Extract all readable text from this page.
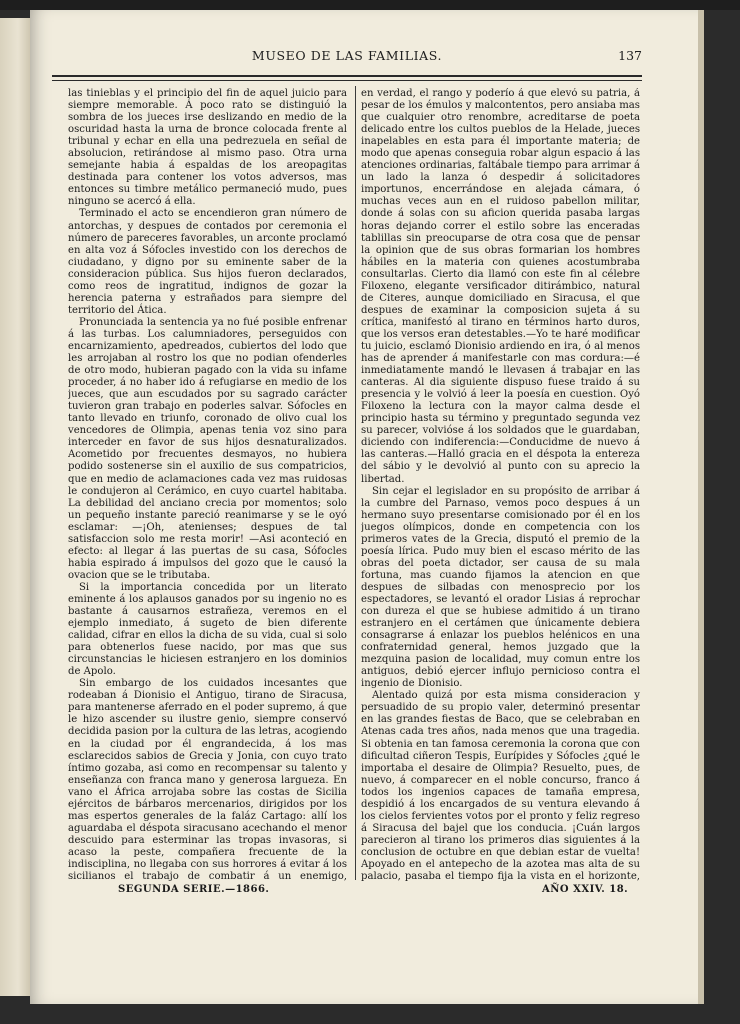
MUSEO DE LAS FAMILIAS.	137

las tinieblas y el principio del fin de aquel juicio para siempre memorable. Á poco rato se distinguió la sombra de los jueces irse deslizando en medio de la oscuridad hasta la urna de bronce colocada frente al tribunal y echar en ella una pedrezuela en señal de absolucion, retirándose al mismo paso. Otra urna semejante habia á espaldas de los areopagitas destinada para contener los votos adversos, mas entonces su timbre metálico permaneció mudo, pues ninguno se acercó á ella.

Terminado el acto se encendieron gran número de antorchas, y despues de contados por ceremonia el número de pareceres favorables, un arconte proclamó en alta voz á Sófocles investido con los derechos de ciudadano, y digno por su eminente saber de la consideracion pública. Sus hijos fueron declarados, como reos de ingratitud, indignos de gozar la herencia paterna y estrañados para siempre del territorio del Ática.

Pronunciada la sentencia ya no fué posible enfrenar á las turbas. Los calumniadores, perseguidos con encarnizamiento, apedreados, cubiertos del lodo que les arrojaban al rostro los que no podian ofenderles de otro modo, hubieran pagado con la vida su infame proceder, á no haber ido á refugiarse en medio de los jueces, que aun escudados por su sagrado carácter tuvieron gran trabajo en poderles salvar. Sófocles en tanto llevado en triunfo, coronado de olivo cual los vencedores de Olimpia, apenas tenia voz sino para interceder en favor de sus hijos desnaturalizados. Acometido por frecuentes desmayos, no hubiera podido sostenerse sin el auxilio de sus compatricios, que en medio de aclamaciones cada vez mas ruidosas le condujeron al Cerámico, en cuyo cuartel habitaba. La debilidad del anciano crecia por momentos; solo un pequeño instante pareció reanimarse y se le oyó esclamar: —¡Oh, atenienses; despues de tal satisfaccion solo me resta morir! —Asi aconteció en efecto: al llegar á las puertas de su casa, Sófocles habia espirado á impulsos del gozo que le causó la ovacion que se le tributaba.

Si la importancia concedida por un literato eminente á los aplausos ganados por su ingenio no es bastante á causarnos estrañeza, veremos en el ejemplo inmediato, á sugeto de bien diferente calidad, cifrar en ellos la dicha de su vida, cual si solo para obtenerlos fuese nacido, por mas que sus circunstancias le hiciesen estranjero en los dominios de Apolo.

Sin embargo de los cuidados incesantes que rodeaban á Dionisio el Antiguo, tirano de Siracusa, para mantenerse aferrado en el poder supremo, á que le hizo ascender su ilustre genio, siempre conservó decidida pasion por la cultura de las letras, acogiendo en la ciudad por él engrandecida, á los mas esclarecidos sabios de Grecia y Jonia, con cuyo trato íntimo gozaba, asi como en recompensar su talento y enseñanza con franca mano y generosa largueza. En vano el África arrojaba sobre las costas de Sicilia ejércitos de bárbaros mercenarios, dirigidos por los mas espertos generales de la faláz Cartago: allí los aguardaba el déspota siracusano acechando el menor descuido para esterminar las tropas invasoras, si acaso la peste, compañera frecuente de la indisciplina, no llegaba con sus horrores á evitar á los sicilianos el trabajo de combatir á un enemigo,

en verdad, el rango y poderío á que elevó su patria, á pesar de los émulos y malcontentos, pero ansiaba mas que cualquier otro renombre, acreditarse de poeta delicado entre los cultos pueblos de la Helade, jueces inapelables en esta para él importante materia; de modo que apenas conseguia robar algun espacio á las atenciones ordinarias, faltábale tiempo para arrimar á un lado la lanza ó despedir á solicitadores importunos, encerrándose en alejada cámara, ó muchas veces aun en el ruidoso pabellon militar, donde á solas con su aficion querida pasaba largas horas dejando correr el estilo sobre las enceradas tablillas sin preocuparse de otra cosa que de pensar la opinion que de sus obras formarian los hombres hábiles en la materia con quienes acostumbraba consultarlas. Cierto dia llamó con este fin al célebre Filoxeno, elegante versificador ditirámbico, natural de Citeres, aunque domiciliado en Siracusa, el que despues de examinar la composicion sujeta á su crítica, manifestó al tirano en términos harto duros, que los versos eran detestables.—Yo te haré modificar tu juicio, esclamó Dionisio ardiendo en ira, ó al menos has de aprender á manifestarle con mas cordura:—é inmediatamente mandó le llevasen á trabajar en las canteras. Al dia siguiente dispuso fuese traido á su presencia y le volvió á leer la poesía en cuestion. Oyó Filoxeno la lectura con la mayor calma desde el principio hasta su término y preguntado segunda vez su parecer, volvióse á los soldados que le guardaban, diciendo con indiferencia:—Conducidme de nuevo á las canteras.—Halló gracia en el déspota la entereza del sábio y le devolvió al punto con su aprecio la libertad.

Sin cejar el legislador en su propósito de arribar á la cumbre del Parnaso, vemos poco despues á un hermano suyo presentarse comisionado por él en los juegos olímpicos, donde en competencia con los primeros vates de la Grecia, disputó el premio de la poesía lírica. Pudo muy bien el escaso mérito de las obras del poeta dictador, ser causa de su mala fortuna, mas cuando fijamos la atencion en que despues de silbadas con menosprecio por los espectadores, se levantó el orador Lisias á reprochar con dureza el que se hubiese admitido á un tirano estranjero en el certámen que únicamente debiera consagrarse á enlazar los pueblos helénicos en una confraternidad general, hemos juzgado que la mezquina pasion de localidad, muy comun entre los antiguos, debió ejercer influjo pernicioso contra el ingenio de Dionisio.

Alentado quizá por esta misma consideracion y persuadido de su propio valer, determinó presentar en las grandes fiestas de Baco, que se celebraban en Atenas cada tres años, nada menos que una tragedia. Si obtenia en tan famosa ceremonia la corona que con dificultad ciñeron Tespis, Eurípides y Sófocles ¿qué le importaba el desaire de Olimpia? Resuelto, pues, de nuevo, á comparecer en el noble concurso, franco á todos los ingenios capaces de tamaña empresa, despidió á los encargados de su ventura elevando á los cielos fervientes votos por el pronto y feliz regreso á Siracusa del bajel que los conducia. ¡Cuán largos parecieron al tirano los primeros dias siguientes á la conclusion de octubre en que debian estar de vuelta! Apoyado en el antepecho de la azotea mas alta de su palacio, pasaba el tiempo fija la vista en el horizonte,

SEGUNDA SERIE.—1866.	AÑO XXIV. 18.
